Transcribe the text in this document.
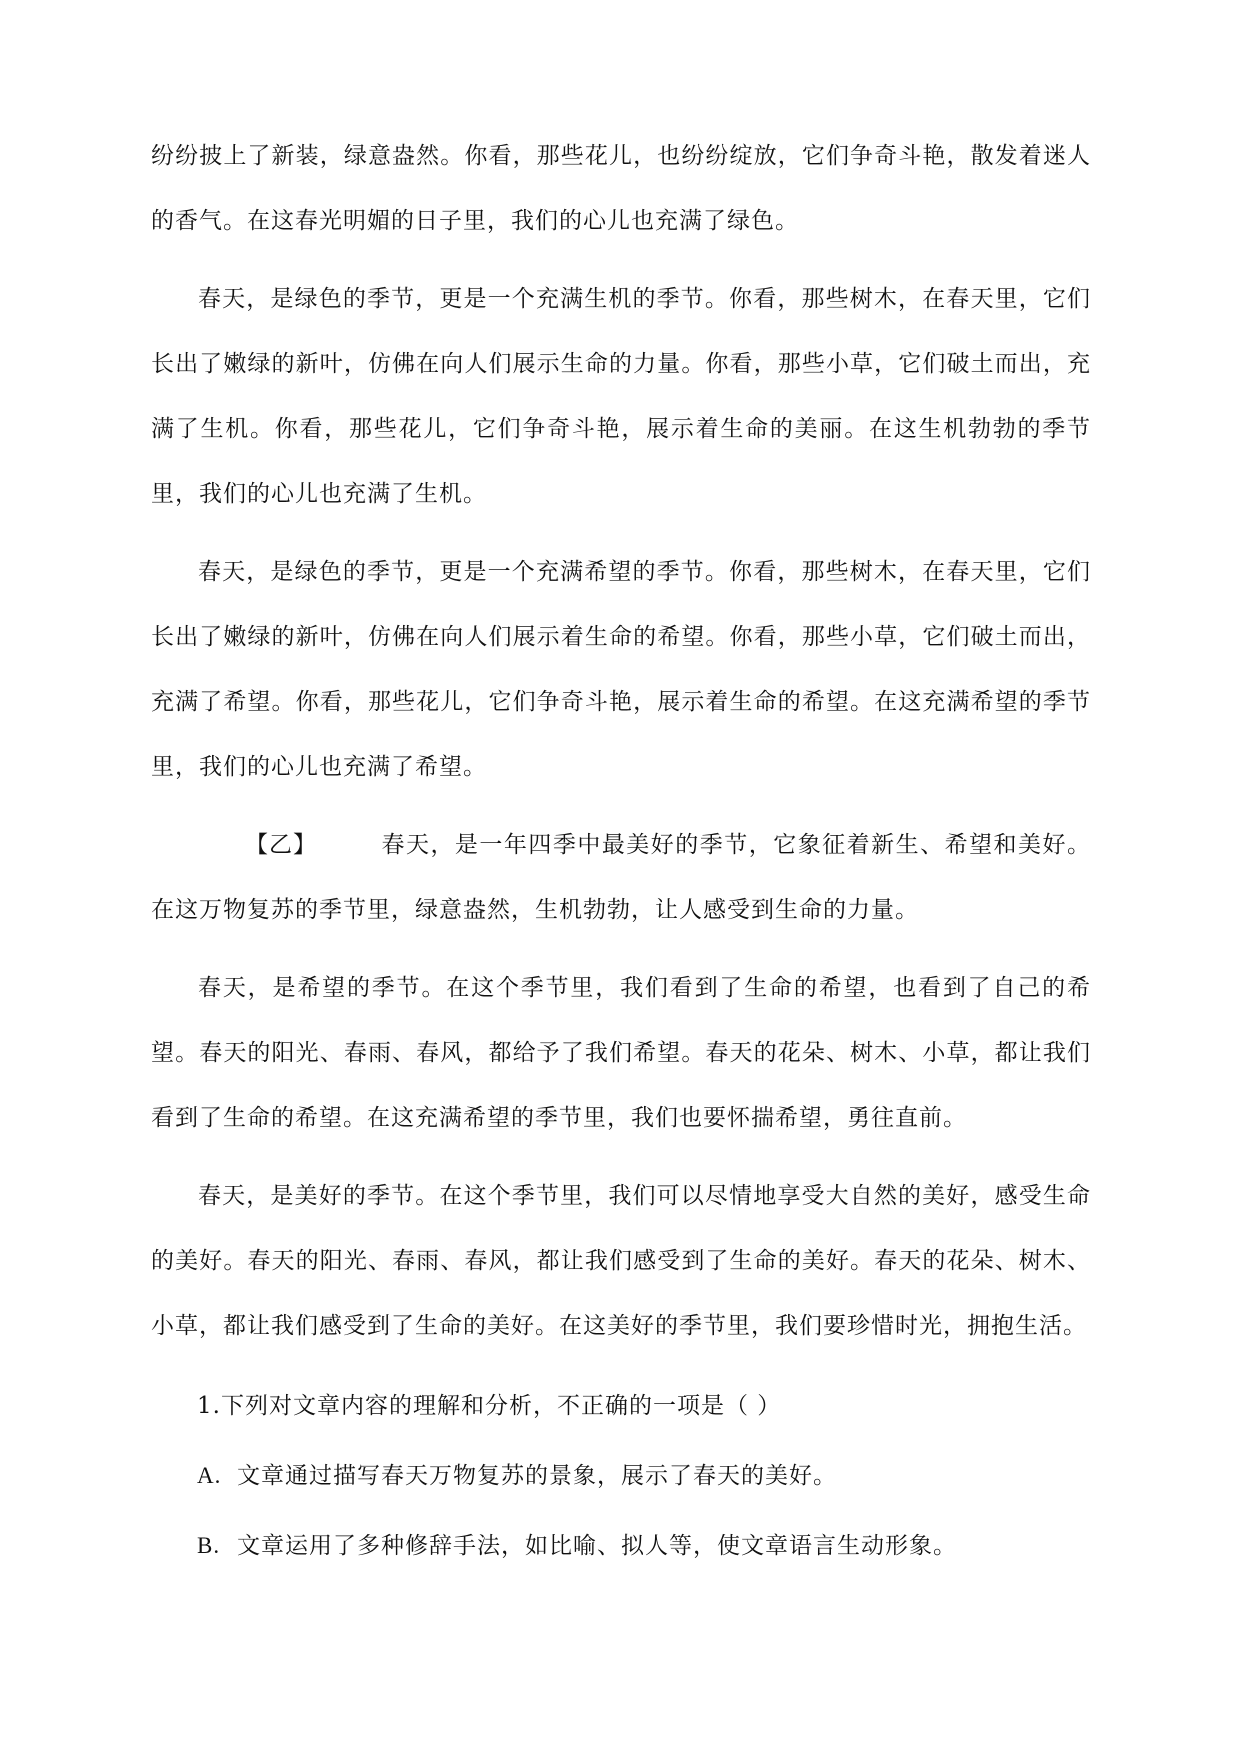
纷纷披上了新装，绿意盎然。你看，那些花儿，也纷纷绽放，它们争奇斗艳，散发着迷人的香气。在这春光明媚的日子里，我们的心儿也充满了绿色。

春天，是绿色的季节，更是一个充满生机的季节。你看，那些树木，在春天里，它们长出了嫩绿的新叶，仿佛在向人们展示生命的力量。你看，那些小草，它们破土而出，充满了生机。你看，那些花儿，它们争奇斗艳，展示着生命的美丽。在这生机勃勃的季节里，我们的心儿也充满了生机。

春天，是绿色的季节，更是一个充满希望的季节。你看，那些树木，在春天里，它们长出了嫩绿的新叶，仿佛在向人们展示着生命的希望。你看，那些小草，它们破土而出，充满了希望。你看，那些花儿，它们争奇斗艳，展示着生命的希望。在这充满希望的季节里，我们的心儿也充满了希望。

【乙】	春天，是一年四季中最美好的季节，它象征着新生、希望和美好。在这万物复苏的季节里，绿意盎然，生机勃勃，让人感受到生命的力量。

春天，是希望的季节。在这个季节里，我们看到了生命的希望，也看到了自己的希望。春天的阳光、春雨、春风，都给予了我们希望。春天的花朵、树木、小草，都让我们看到了生命的希望。在这充满希望的季节里，我们也要怀揣希望，勇往直前。

春天，是美好的季节。在这个季节里，我们可以尽情地享受大自然的美好，感受生命的美好。春天的阳光、春雨、春风，都让我们感受到了生命的美好。春天的花朵、树木、小草，都让我们感受到了生命的美好。在这美好的季节里，我们要珍惜时光，拥抱生活。

1.下列对文章内容的理解和分析，不正确的一项是（ ）

A. 文章通过描写春天万物复苏的景象，展示了春天的美好。

B. 文章运用了多种修辞手法，如比喻、拟人等，使文章语言生动形象。
